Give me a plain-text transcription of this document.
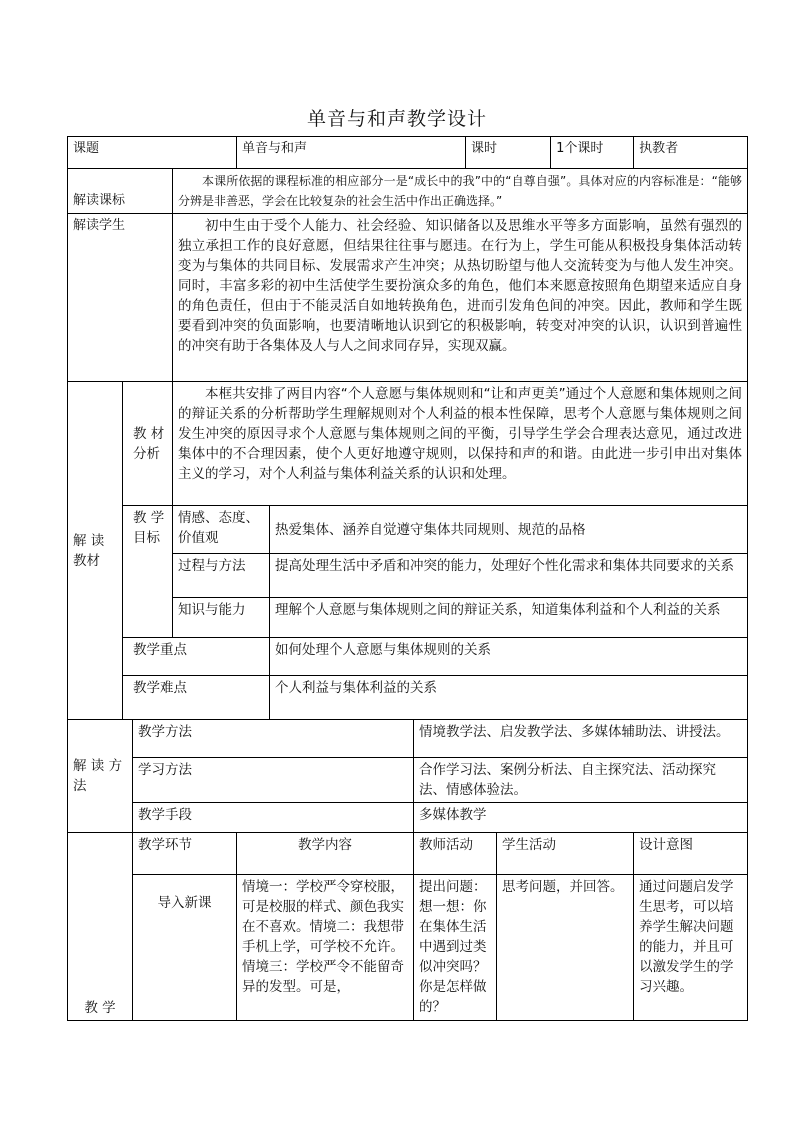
单音与和声教学设计
课题				单音与和声			课时		1个课时	执教者
解读课标			本课所依据的课程标准的相应部分一是“成长中的我”中的“自尊自强”。具体对应的内容标准是：“能够分辨是非善恶，学会在比较复杂的社会生活中作出正确选择。”							
解读学生			初中生由于受个人能力、社会经验、知识储备以及思维水平等多方面影响，虽然有强烈的独立承担工作的良好意愿，但结果往往事与愿违。在行为上，学生可能从积极投身集体活动转变为与集体的共同目标、发展需求产生冲突；从热切盼望与他人交流转变为与他人发生冲突。同时，丰富多彩的初中生活使学生要扮演众多的角色，他们本来愿意按照角色期望来适应自身的角色责任，但由于不能灵活自如地转换角色，进而引发角色间的冲突。因此，教师和学生既要看到冲突的负面影响，也要清晰地认识到它的积极影响，转变对冲突的认识，认识到普遍性的冲突有助于各集体及人与人之间求同存异，实现双赢。							
解 读 教材	教 材 分析		本框共安排了两目内容“个人意愿与集体规则和“让和声更美”通过个人意愿和集体规则之间的辩证关系的分析帮助学生理解规则对个人利益的根本性保障，思考个人意愿与集体规则之间发生冲突的原因寻求个人意愿与集体规则之间的平衡，引导学生学会合理表达意见，通过改进集体中的不合理因素，使个人更好地遵守规则，以保持和声的和谐。由此进一步引申出对集体主义的学习，对个人利益与集体利益关系的认识和处理。							
	教 学 目标		情感、态度、价值观		热爱集体、涵养自觉遵守集体共同规则、规范的品格					
			过程与方法		提高处理生活中矛盾和冲突的能力，处理好个性化需求和集体共同要求的关系					
			知识与能力		理解个人意愿与集体规则之间的辩证关系，知道集体利益和个人利益的关系					
	教学重点				如何处理个人意愿与集体规则的关系					
	教学难点				个人利益与集体利益的关系					
解 读 方法		教学方法				情境教学法、启发教学法、多媒体辅助法、讲授法。				
		学习方法				合作学习法、案例分析法、自主探究法、活动探究法、情感体验法。				
		教学手段				多媒体教学				
教 学		教学环节		教学内容		教师活动		学生活动		设计意图
		导入新课		情境一：学校严令穿校服，可是校服的样式、颜色我实在不喜欢。情境二：我想带手机上学，可学校不允许。情境三：学校严令不能留奇异的发型。可是，		提出问题：想一想：你在集体生活中遇到过类似冲突吗？你是怎样做的？		思考问题，并回答。		通过问题启发学生思考，可以培养学生解决问题的能力，并且可以激发学生的学习兴趣。
